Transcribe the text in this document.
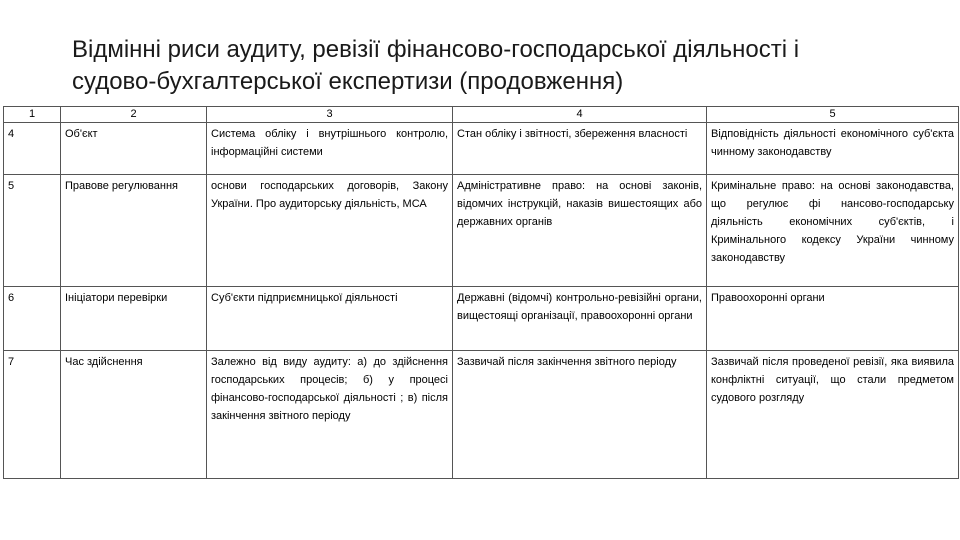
Відмінні риси аудиту, ревізії фінансово-господарської діяльності і
судово-бухгалтерської експертизи (продовження)
1	2	3	4	5
4	Об'єкт	Система обліку і внутрішнього контролю, інформаційні системи	Стан обліку і звітності, збереження власності	Відповідність діяльності економічного суб'єкта чинному законодавству
5	Правове регулювання	основи господарських договорів, Закону України. Про аудиторську діяльність, МСА	Адміністративне право: на основі законів, відомчих інструкцій, наказів вишестоящих або державних органів	Кримінальне право: на основі законодавства, що регулює фі нансово-господарську діяльність економічних суб'єктів, і Кримінального кодексу України чинному законодавству
6	Ініціатори перевірки	Суб'єкти підприємницької діяльності	Державні (відомчі) контрольно-ревізійні органи, вищестоящі організації, правоохоронні органи	Правоохоронні органи
7	Час здійснення	Залежно від виду аудиту: а) до здійснення господарських процесів; б) у процесі фінансово-господарської діяльності ; в) після закінчення звітного періоду	Зазвичай після закінчення звітного періоду	Зазвичай після проведеної ревізії, яка виявила конфліктні ситуації, що стали предметом судового розгляду
